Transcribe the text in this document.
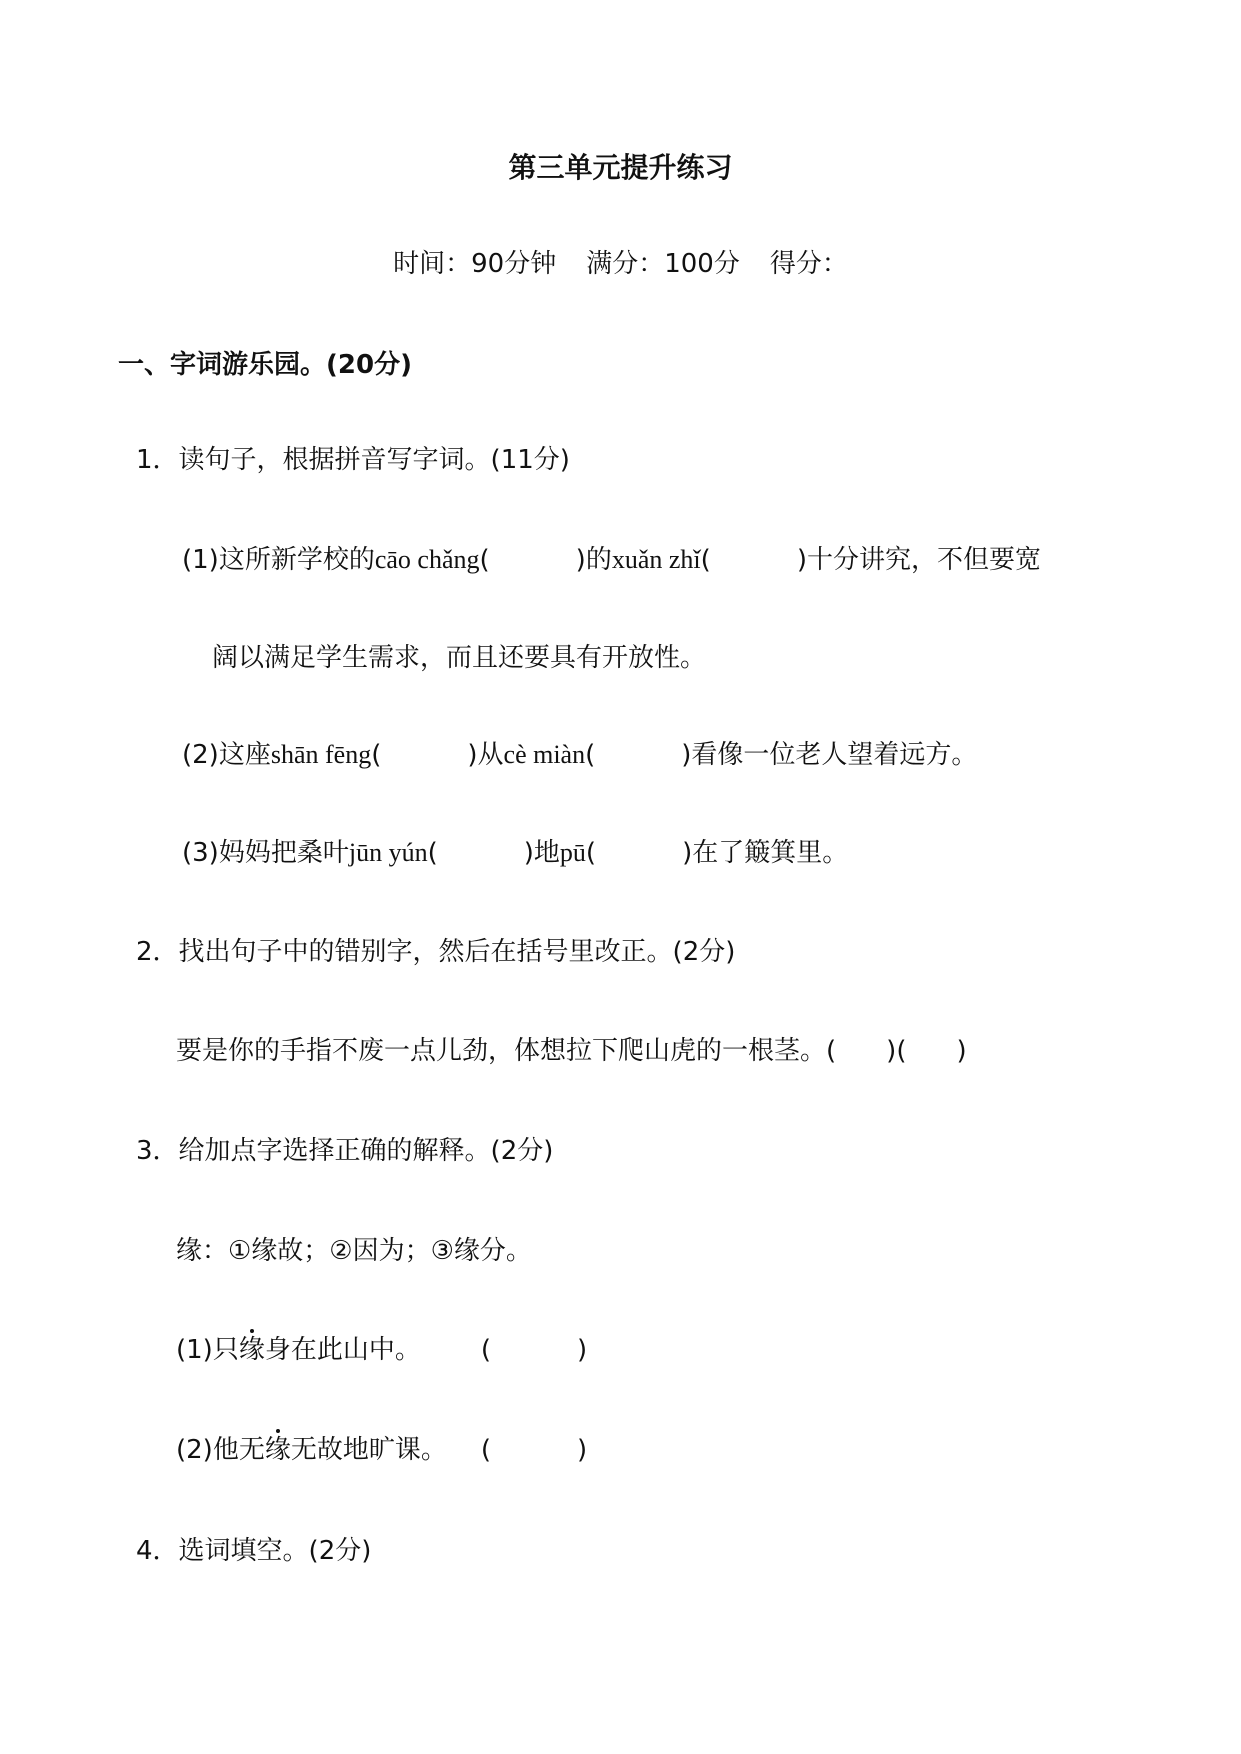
第三单元提升练习
时间：90分钟 满分：100分 得分：
一、字词游乐园。(20分)
1．读句子，根据拼音写字词。(11分)
(1)这所新学校的cāo chǎng(	)的xuǎn zhǐ(	)十分讲究，不但要宽
阔以满足学生需求，而且还要具有开放性。
(2)这座shān fēng(	)从cè miàn(	)看像一位老人望着远方。
(3)妈妈把桑叶jūn yún(	)地pū(	)在了簸箕里。
2．找出句子中的错别字，然后在括号里改正。(2分)
要是你的手指不废一点儿劲，体想拉下爬山虎的一根茎。( )( )
3．给加点字选择正确的解释。(2分)
缘：①缘故；②因为；③缘分。
(1)只缘身在此山中。 (	)
(2)他无缘无故地旷课。 (	)
4．选词填空。(2分)
